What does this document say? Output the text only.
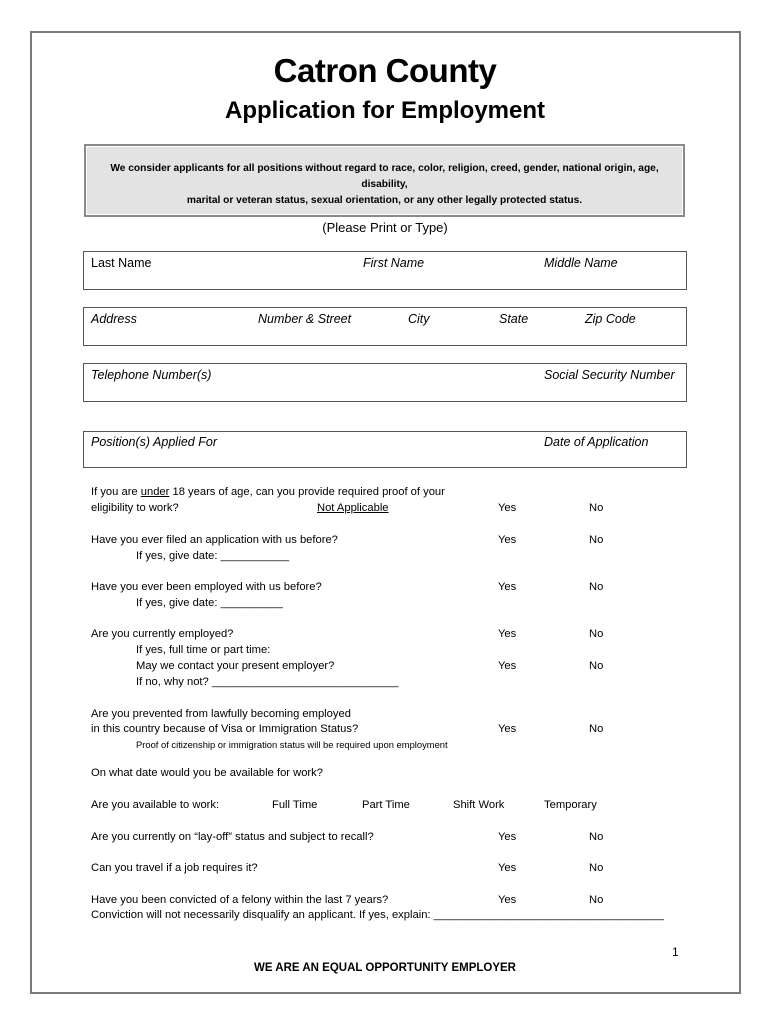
Catron County
Application for Employment
We consider applicants for all positions without regard to race, color, religion, creed, gender, national origin, age, disability,
marital or veteran status, sexual orientation, or any other legally protected status.
(Please Print or Type)
Last Name	First Name	Middle Name
Address	Number & Street	City	State	Zip Code
Telephone Number(s)	Social Security Number
Position(s) Applied For	Date of Application
If you are under 18 years of age, can you provide required proof of your
eligibility to work?	Not Applicable	Yes	No
Have you ever filed an application with us before?	Yes	No
If yes, give date: ___________
Have you ever been employed with us before?	Yes	No
If yes, give date: __________
Are you currently employed?	Yes	No
If yes, full time or part time:
May we contact your present employer?	Yes	No
If no, why not? ______________________________
Are you prevented from lawfully becoming employed
in this country because of Visa or Immigration Status?	Yes	No
Proof of citizenship or immigration status will be required upon employment
On what date would you be available for work?
Are you available to work:	Full Time	Part Time	Shift Work	Temporary
Are you currently on “lay-off” status and subject to recall?	Yes	No
Can you travel if a job requires it?	Yes	No
Have you been convicted of a felony within the last 7 years?	Yes	No
Conviction will not necessarily disqualify an applicant. If yes, explain: _____________________________________
1
WE ARE AN EQUAL OPPORTUNITY EMPLOYER
